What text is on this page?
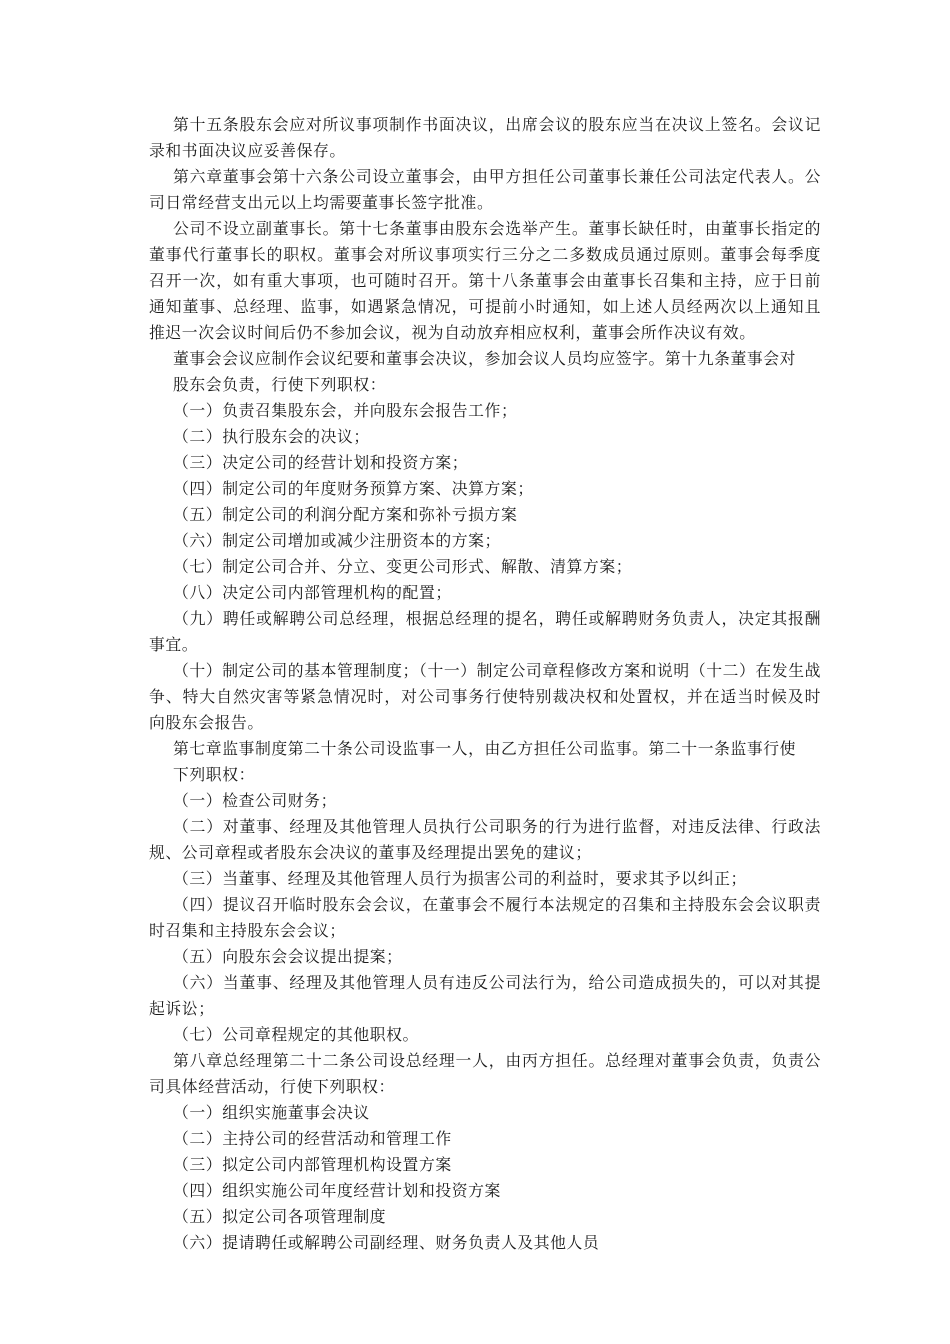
第十五条股东会应对所议事项制作书面决议，出席会议的股东应当在决议上签名。会议记录和书面决议应妥善保存。

第六章董事会第十六条公司设立董事会，由甲方担任公司董事长兼任公司法定代表人。公司日常经营支出元以上均需要董事长签字批准。

公司不设立副董事长。第十七条董事由股东会选举产生。董事长缺任时，由董事长指定的董事代行董事长的职权。董事会对所议事项实行三分之二多数成员通过原则。董事会每季度召开一次，如有重大事项，也可随时召开。第十八条董事会由董事长召集和主持，应于日前通知董事、总经理、监事，如遇紧急情况，可提前小时通知，如上述人员经两次以上通知且推迟一次会议时间后仍不参加会议，视为自动放弃相应权利，董事会所作决议有效。

董事会会议应制作会议纪要和董事会决议，参加会议人员均应签字。第十九条董事会对

股东会负责，行使下列职权：

（一）负责召集股东会，并向股东会报告工作；

（二）执行股东会的决议；

（三）决定公司的经营计划和投资方案；

（四）制定公司的年度财务预算方案、决算方案；

（五）制定公司的利润分配方案和弥补亏损方案

（六）制定公司增加或减少注册资本的方案；

（七）制定公司合并、分立、变更公司形式、解散、清算方案；

（八）决定公司内部管理机构的配置；

（九）聘任或解聘公司总经理，根据总经理的提名，聘任或解聘财务负责人，决定其报酬事宜。

（十）制定公司的基本管理制度；（十一）制定公司章程修改方案和说明（十二）在发生战争、特大自然灾害等紧急情况时，对公司事务行使特别裁决权和处置权，并在适当时候及时向股东会报告。

第七章监事制度第二十条公司设监事一人，由乙方担任公司监事。第二十一条监事行使

下列职权：

（一）检查公司财务；

（二）对董事、经理及其他管理人员执行公司职务的行为进行监督，对违反法律、行政法规、公司章程或者股东会决议的董事及经理提出罢免的建议；

（三）当董事、经理及其他管理人员行为损害公司的利益时，要求其予以纠正；

（四）提议召开临时股东会会议，在董事会不履行本法规定的召集和主持股东会会议职责时召集和主持股东会会议；

（五）向股东会会议提出提案；

（六）当董事、经理及其他管理人员有违反公司法行为，给公司造成损失的，可以对其提起诉讼；

（七）公司章程规定的其他职权。

第八章总经理第二十二条公司设总经理一人，由丙方担任。总经理对董事会负责，负责公司具体经营活动，行使下列职权：

（一）组织实施董事会决议

（二）主持公司的经营活动和管理工作

（三）拟定公司内部管理机构设置方案

（四）组织实施公司年度经营计划和投资方案

（五）拟定公司各项管理制度

（六）提请聘任或解聘公司副经理、财务负责人及其他人员
